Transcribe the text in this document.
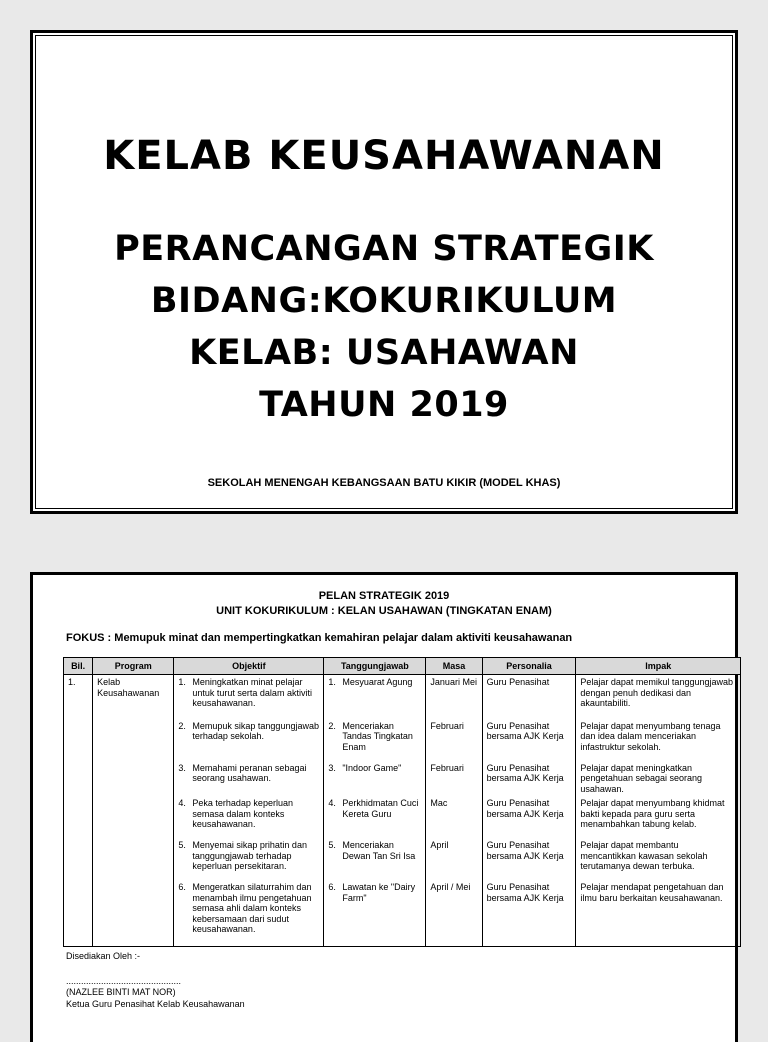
KELAB KEUSAHAWANAN
PERANCANGAN STRATEGIK
BIDANG:KOKURIKULUM
KELAB: USAHAWAN
TAHUN 2019
SEKOLAH MENENGAH KEBANGSAAN BATU KIKIR (MODEL KHAS)
PELAN STRATEGIK 2019
UNIT KOKURIKULUM : KELAN USAHAWAN (TINGKATAN ENAM)
FOKUS : Memupuk minat dan mempertingkatkan kemahiran pelajar dalam aktiviti keusahawanan
Bil.	Program	Objektif	Tanggungjawab	Masa	Personalia	Impak
1.	Kelab Keusahawanan	1. Meningkatkan minat pelajar untuk turut serta dalam aktiviti keusahawanan.	1. Mesyuarat Agung	Januari Mei	Guru Penasihat	Pelajar dapat memikul tanggungjawab dengan penuh dedikasi dan akauntabiliti.

		2. Memupuk sikap tanggungjawab terhadap sekolah.	2. Menceriakan Tandas Tingkatan Enam	Februari	Guru Penasihat bersama AJK Kerja	Pelajar dapat menyumbang tenaga dan idea dalam menceriakan infastruktur sekolah.

		3. Memahami peranan sebagai seorang usahawan.	3. "Indoor Game"	Februari	Guru Penasihat bersama AJK Kerja	Pelajar dapat meningkatkan pengetahuan sebagai seorang usahawan.

		4. Peka terhadap keperluan semasa dalam konteks keusahawanan.	4. Perkhidmatan Cuci Kereta Guru	Mac	Guru Penasihat bersama AJK Kerja	Pelajar dapat menyumbang khidmat bakti kepada para guru serta menambahkan tabung kelab.

		5. Menyemai sikap prihatin dan tanggungjawab terhadap keperluan persekitaran.	5. Menceriakan Dewan Tan Sri Isa	April	Guru Penasihat bersama AJK Kerja	Pelajar dapat membantu mencantikkan kawasan sekolah terutamanya dewan terbuka.

		6. Mengeratkan silaturrahim dan menambah ilmu pengetahuan semasa ahli dalam konteks kebersamaan dari sudut keusahawanan.	6. Lawatan ke "Dairy Farm"	April / Mei	Guru Penasihat bersama AJK Kerja	Pelajar mendapat pengetahuan dan ilmu baru berkaitan keusahawanan.
Disediakan Oleh :-
..............................................
(NAZLEE BINTI MAT NOR)
Ketua Guru Penasihat Kelab Keusahawanan
